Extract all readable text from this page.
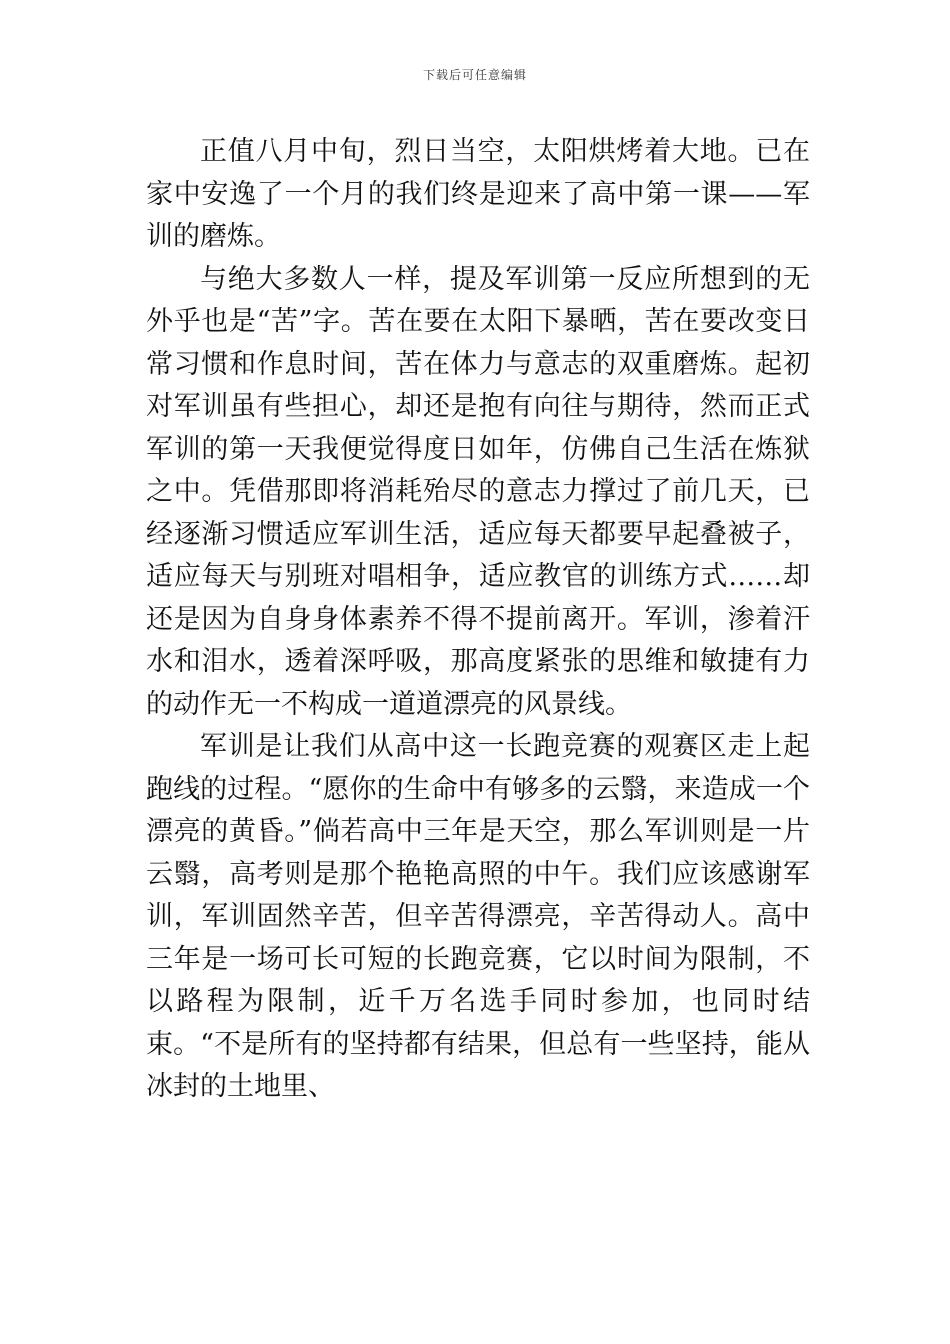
下载后可任意编辑

正值八月中旬，烈日当空，太阳烘烤着大地。已在家中安逸了一个月的我们终是迎来了高中第一课——军训的磨炼。

与绝大多数人一样，提及军训第一反应所想到的无外乎也是“苦”字。苦在要在太阳下暴晒，苦在要改变日常习惯和作息时间，苦在体力与意志的双重磨炼。起初对军训虽有些担心，却还是抱有向往与期待，然而正式军训的第一天我便觉得度日如年，仿佛自己生活在炼狱之中。凭借那即将消耗殆尽的意志力撑过了前几天，已经逐渐习惯适应军训生活，适应每天都要早起叠被子，适应每天与别班对唱相争，适应教官的训练方式……却还是因为自身身体素养不得不提前离开。军训，渗着汗水和泪水，透着深呼吸，那高度紧张的思维和敏捷有力的动作无一不构成一道道漂亮的风景线。

军训是让我们从高中这一长跑竞赛的观赛区走上起跑线的过程。“愿你的生命中有够多的云翳，来造成一个漂亮的黄昏。”倘若高中三年是天空，那么军训则是一片云翳，高考则是那个艳艳高照的中午。我们应该感谢军训，军训固然辛苦，但辛苦得漂亮，辛苦得动人。高中三年是一场可长可短的长跑竞赛，它以时间为限制，不以路程为限制，近千万名选手同时参加，也同时结束。“不是所有的坚持都有结果，但总有一些坚持，能从冰封的土地里、
